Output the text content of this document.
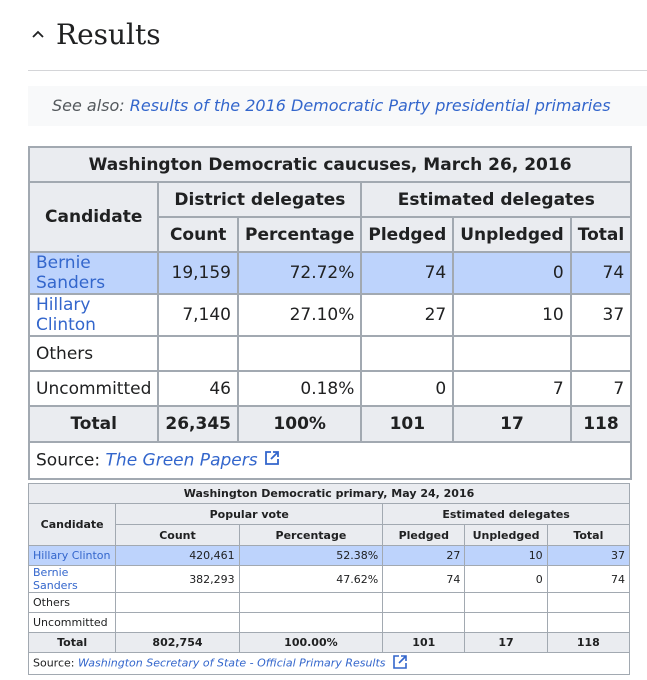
Results
See also: Results of the 2016 Democratic Party presidential primaries
Washington Democratic caucuses, March 26, 2016					
Candidate	District delegates		Estimated delegates		
	Count	Percentage	Pledged	Unpledged	Total
Bernie Sanders	19,159	72.72%	74	0	74
Hillary Clinton	7,140	27.10%	27	10	37
Others					
Uncommitted	46	0.18%	0	7	7
Total	26,345	100%	101	17	118
Source: The Green Papers					
Washington Democratic primary, May 24, 2016					
Candidate	Popular vote		Estimated delegates		
	Count	Percentage	Pledged	Unpledged	Total
Hillary Clinton	420,461	52.38%	27	10	37
Bernie Sanders	382,293	47.62%	74	0	74
Others					
Uncommitted					
Total	802,754	100.00%	101	17	118
Source: Washington Secretary of State - Official Primary Results					
